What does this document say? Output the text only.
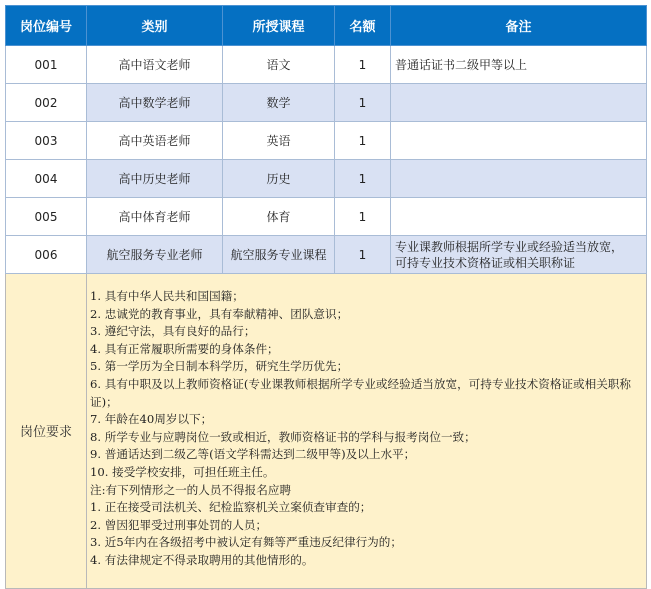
岗位编号	类别	所授课程	名额	备注
001	高中语文老师	语文	1	普通话证书二级甲等以上
002	高中数学老师	数学	1	
003	高中英语老师	英语	1	
004	高中历史老师	历史	1	
005	高中体育老师	体育	1	
006	航空服务专业老师	航空服务专业课程	1	专业课教师根据所学专业或经验适当放宽，
可持专业技术资格证或相关职称证

岗位要求	
1. 具有中华人民共和国国籍；
2. 忠诚党的教育事业，具有奉献精神、团队意识；
3. 遵纪守法，具有良好的品行；
4. 具有正常履职所需要的身体条件；
5. 第一学历为全日制本科学历，研究生学历优先；
6. 具有中职及以上教师资格证(专业课教师根据所学专业或经验适当放宽，可持专业技术资格证或相关职称证)；
7. 年龄在40周岁以下；
8. 所学专业与应聘岗位一致或相近，教师资格证书的学科与报考岗位一致；
9. 普通话达到二级乙等(语文学科需达到二级甲等)及以上水平；
10. 接受学校安排，可担任班主任。
注:有下列情形之一的人员不得报名应聘
1. 正在接受司法机关、纪检监察机关立案侦查审查的；
2. 曾因犯罪受过刑事处罚的人员；
3. 近5年内在各级招考中被认定有舞等严重违反纪律行为的；
4. 有法律规定不得录取聘用的其他情形的。
